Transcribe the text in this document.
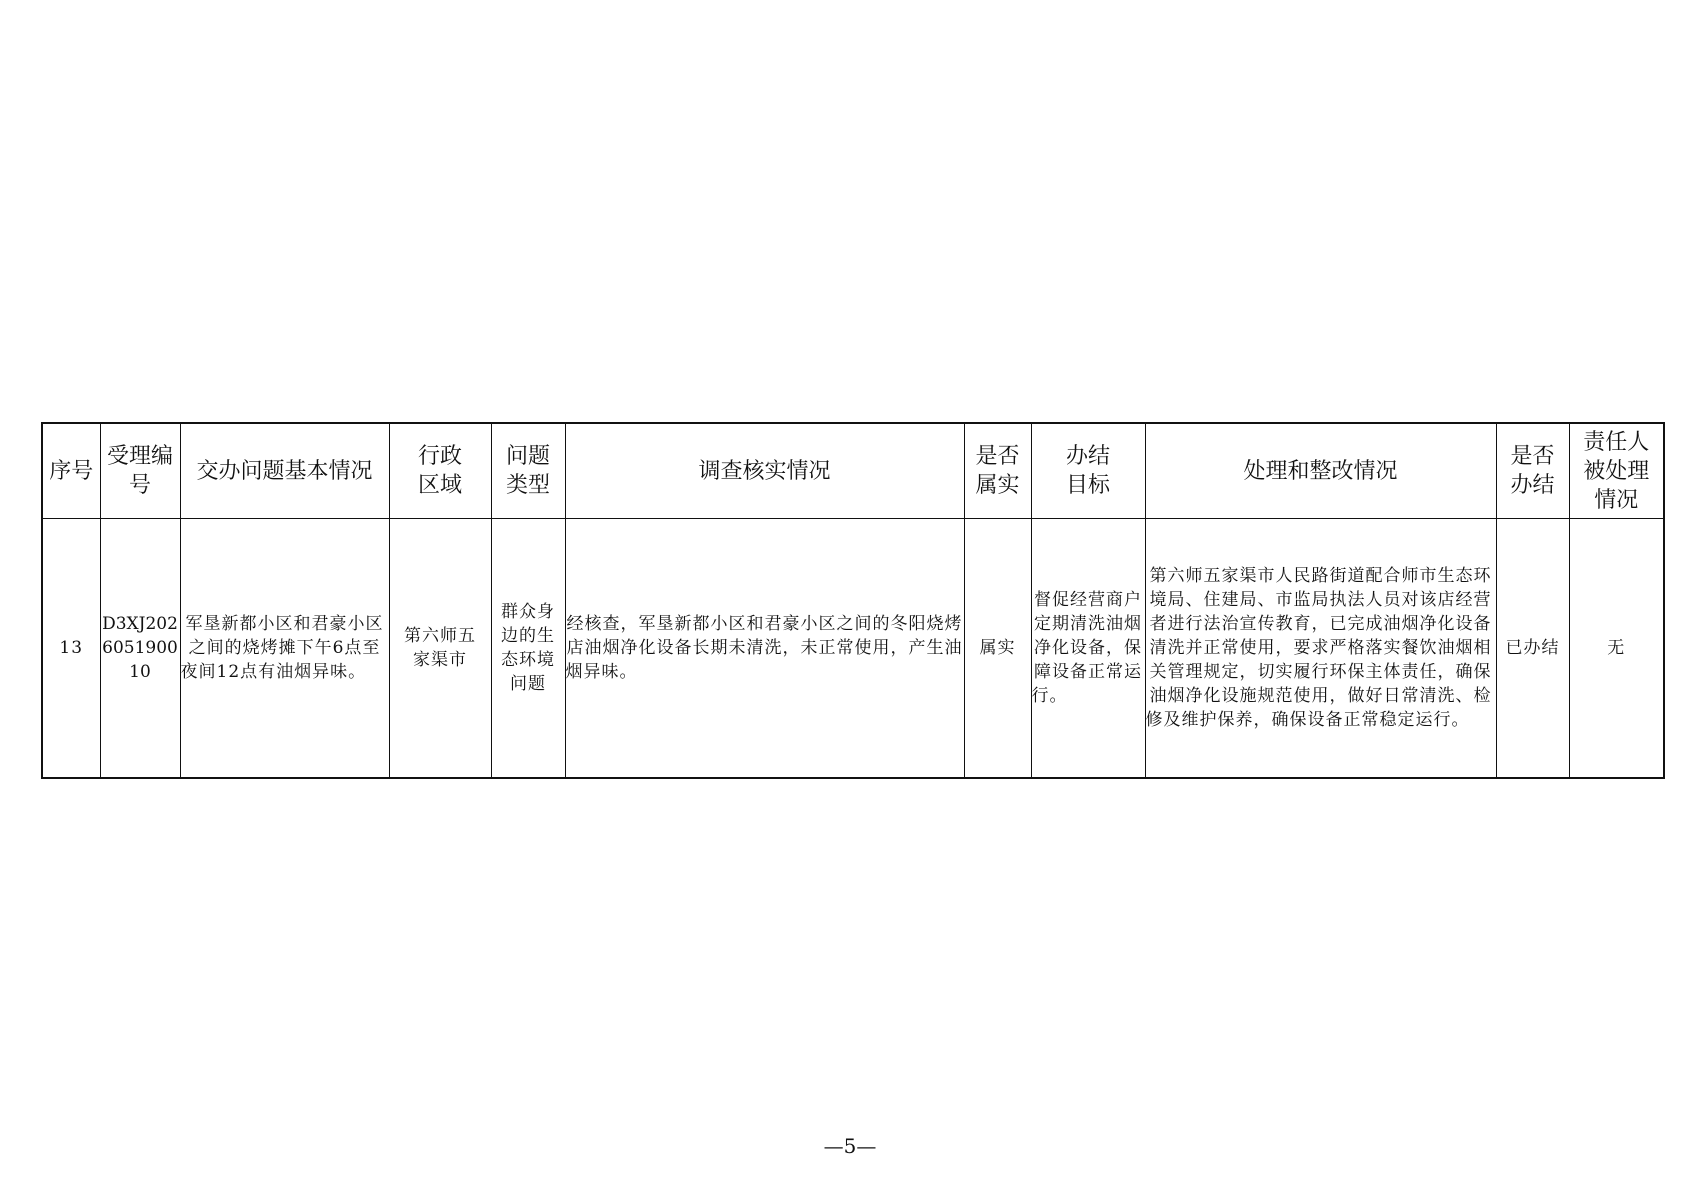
序号	受理编号	交办问题基本情况	行政区域	问题类型	调查核实情况	是否属实	办结目标	处理和整改情况	是否办结	责任人被处理情况
13	D3XJ202605190010	军垦新都小区和君豪小区之间的烧烤摊下午6点至夜间12点有油烟异味。	第六师五家渠市	群众身边的生态环境问题	经核查，军垦新都小区和君豪小区之间的冬阳烧烤店油烟净化设备长期未清洗，未正常使用，产生油烟异味。	属实	督促经营商户定期清洗油烟净化设备，保障设备正常运行。	第六师五家渠市人民路街道配合师市生态环境局、住建局、市监局执法人员对该店经营者进行法治宣传教育，已完成油烟净化设备清洗并正常使用，要求严格落实餐饮油烟相关管理规定，切实履行环保主体责任，确保油烟净化设施规范使用，做好日常清洗、检修及维护保养，确保设备正常稳定运行。	已办结	无
—5—
